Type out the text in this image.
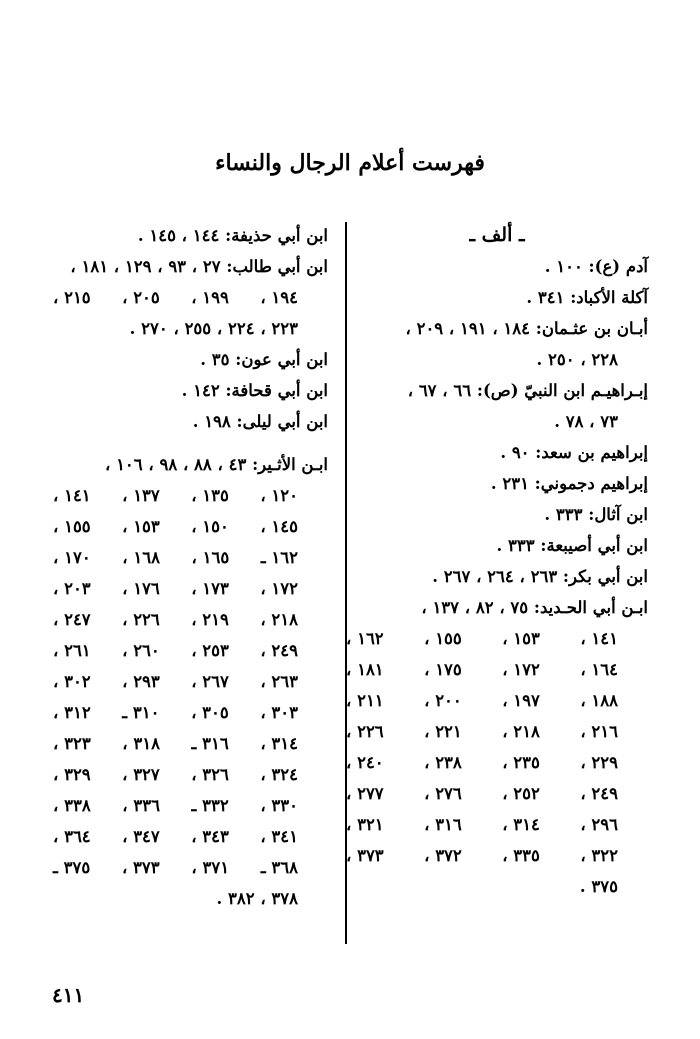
فهرست أعلام الرجال والنساء
ـ ألف ـ
آدم (ع): ١٠٠ .
آكلة الأكباد: ٣٤١ .
أبـان بن عثـمان: ١٨٤ ، ١٩١ ، ٢٠٩ ،
٢٢٨ ، ٢٥٠ .
إبـراهيـم ابن النبيّ (ص): ٦٦ ، ٦٧ ،
٧٣ ، ٧٨ .
إبراهيم بن سعد: ٩٠ .
إبراهيم دجموني: ٢٣١ .
ابن آثال: ٣٣٣ .
ابن أبي أصيبعة: ٣٣٣ .
ابن أبي بكر: ٢٦٣ ، ٢٦٤ ، ٢٦٧ .
ابـن أبي الحـديد: ٧٥ ، ٨٢ ، ١٣٧ ،
١٤١ ،
١٥٣ ،
١٥٥ ،
١٦٢ ،
١٦٤ ،
١٧٢ ،
١٧٥ ،
١٨١ ،
١٨٨ ،
١٩٧ ،
٢٠٠ ،
٢١١ ،
٢١٦ ،
٢١٨ ،
٢٢١ ،
٢٢٦ ،
٢٢٩ ،
٢٣٥ ،
٢٣٨ ،
٢٤٠ ،
٢٤٩ ،
٢٥٢ ،
٢٧٦ ،
٢٧٧ ،
٢٩٦ ،
٣١٤ ،
٣١٦ ،
٣٢١ ،
٣٢٢ ،
٣٣٥ ،
٣٧٢ ،
٣٧٣ ،
٣٧٥ .
ابن أبي حذيفة: ١٤٤ ، ١٤٥ .
ابن أبي طالب: ٢٧ ، ٩٣ ، ١٢٩ ، ١٨١ ،
١٩٤ ،
١٩٩ ،
٢٠٥ ،
٢١٥ ،
٢٢٣ ، ٢٢٤ ، ٢٥٥ ، ٢٧٠ .
ابن أبي عون: ٣٥ .
ابن أبي قحافة: ١٤٢ .
ابن أبي ليلى: ١٩٨ .
ابـن الأثـير: ٤٣ ، ٨٨ ، ٩٨ ، ١٠٦ ،
١٢٠ ،
١٣٥ ،
١٣٧ ،
١٤١ ،
١٤٥ ،
١٥٠ ،
١٥٣ ،
١٥٥ ،
١٦٢ ـ
١٦٥ ،
١٦٨ ،
١٧٠ ،
١٧٢ ،
١٧٣ ،
١٧٦ ،
٢٠٣ ،
٢١٨ ،
٢١٩ ،
٢٢٦ ،
٢٤٧ ،
٢٤٩ ،
٢٥٣ ،
٢٦٠ ،
٢٦١ ،
٢٦٣ ،
٢٦٧ ،
٢٩٣ ،
٣٠٢ ،
٣٠٣ ،
٣٠٥ ،
٣١٠ ـ
٣١٢ ،
٣١٤ ،
٣١٦ ـ
٣١٨ ،
٣٢٣ ،
٣٢٤ ،
٣٢٦ ،
٣٢٧ ،
٣٢٩ ،
٣٣٠ ،
٣٣٢ ـ
٣٣٦ ،
٣٣٨ ،
٣٤١ ،
٣٤٣ ،
٣٤٧ ،
٣٦٤ ،
٣٦٨ ـ
٣٧١ ،
٣٧٣ ،
٣٧٥ ـ
٣٧٨ ، ٣٨٢ .
٤١١
